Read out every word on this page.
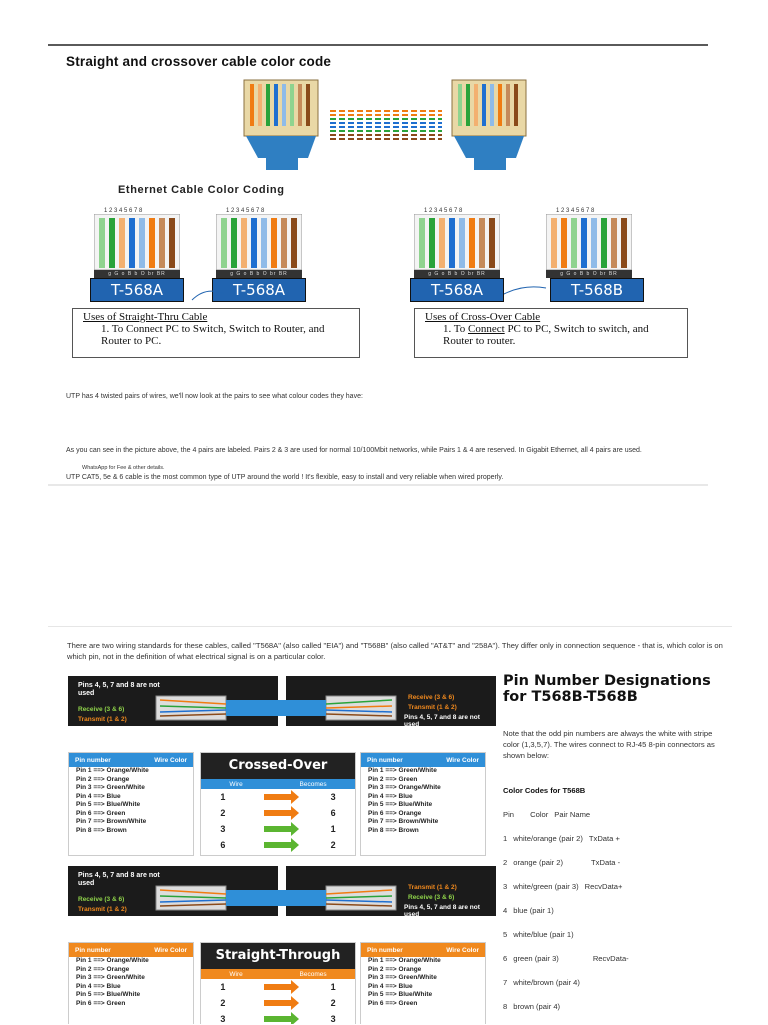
Straight and crossover cable color code
Ethernet Cable Color Coding
1 2 3 4 5 6 7 8
g G o B b O br BR
T-568A
1 2 3 4 5 6 7 8
g G o B b O br BR
T-568A
1 2 3 4 5 6 7 8
g G o B b O br BR
T-568A
1 2 3 4 5 6 7 8
g G o B b O br BR
T-568B
Uses of Straight-Thru Cable
1. To Connect PC to Switch, Switch to Router, and Router to PC.
Uses of Cross-Over Cable
1. To Connect PC to PC, Switch to switch, and Router to router.
UTP has 4 twisted pairs of wires, we'll now look at the pairs to see what colour codes they have:
As you can see in the picture above, the 4 pairs are labeled. Pairs 2 & 3 are used for normal 10/100Mbit networks, while Pairs 1 & 4 are reserved. In Gigabit Ethernet, all 4 pairs are used.
WhatsApp for Fee & other details.
UTP CAT5, 5e & 6 cable is the most common type of UTP around the world ! It's flexible, easy to install and very reliable when wired properly.
There are two wiring standards for these cables, called "T568A" (also called "EIA") and "T568B" (also called "AT&T" and "258A"). They differ only in connection sequence - that is, which color is on which pin, not in the definition of what electrical signal is on a particular color.
Pins 4, 5, 7 and 8 are not used
Receive (3 & 6)
Transmit (1 & 2)
Receive (3 & 6)
Transmit (1 & 2)
Pins 4, 5, 7 and 8 are not used
Pin number	Wire Color
Pin 1 ==> Orange/White
Pin 2 ==> Orange
Pin 3 ==> Green/White
Pin 4 ==> Blue
Pin 5 ==> Blue/White
Pin 6 ==> Green
Pin 7 ==> Brown/White
Pin 8 ==> Brown
Crossed-Over
Wire	Becomes
1	3
2	6
3	1
6	2
Pin number	Wire Color
Pin 1 ==> Green/White
Pin 2 ==> Green
Pin 3 ==> Orange/White
Pin 4 ==> Blue
Pin 5 ==> Blue/White
Pin 6 ==> Orange
Pin 7 ==> Brown/White
Pin 8 ==> Brown
Pins 4, 5, 7 and 8 are not used
Receive (3 & 6)
Transmit (1 & 2)
Transmit (1 & 2)
Receive (3 & 6)
Pins 4, 5, 7 and 8 are not used
Pin number	Wire Color
Pin 1 ==> Orange/White
Pin 2 ==> Orange
Pin 3 ==> Green/White
Pin 4 ==> Blue
Pin 5 ==> Blue/White
Pin 6 ==> Green
Straight-Through
Wire	Becomes
1	1
2	2
3	3
Pin number	Wire Color
Pin 1 ==> Orange/White
Pin 2 ==> Orange
Pin 3 ==> Green/White
Pin 4 ==> Blue
Pin 5 ==> Blue/White
Pin 6 ==> Green
Pin Number Designations for T568B-T568B
Note that the odd pin numbers are always the white with stripe color (1,3,5,7). The wires connect to RJ-45 8-pin connectors as shown below:
Color Codes for T568B
Pin Color Pair Name
1 white/orange (pair 2) TxData +
2 orange (pair 2)	TxData -
3 white/green (pair 3) RecvData+
4 blue (pair 1)
5 white/blue (pair 1)
6 green (pair 3)	RecvData-
7 white/brown (pair 4)
8 brown (pair 4)
